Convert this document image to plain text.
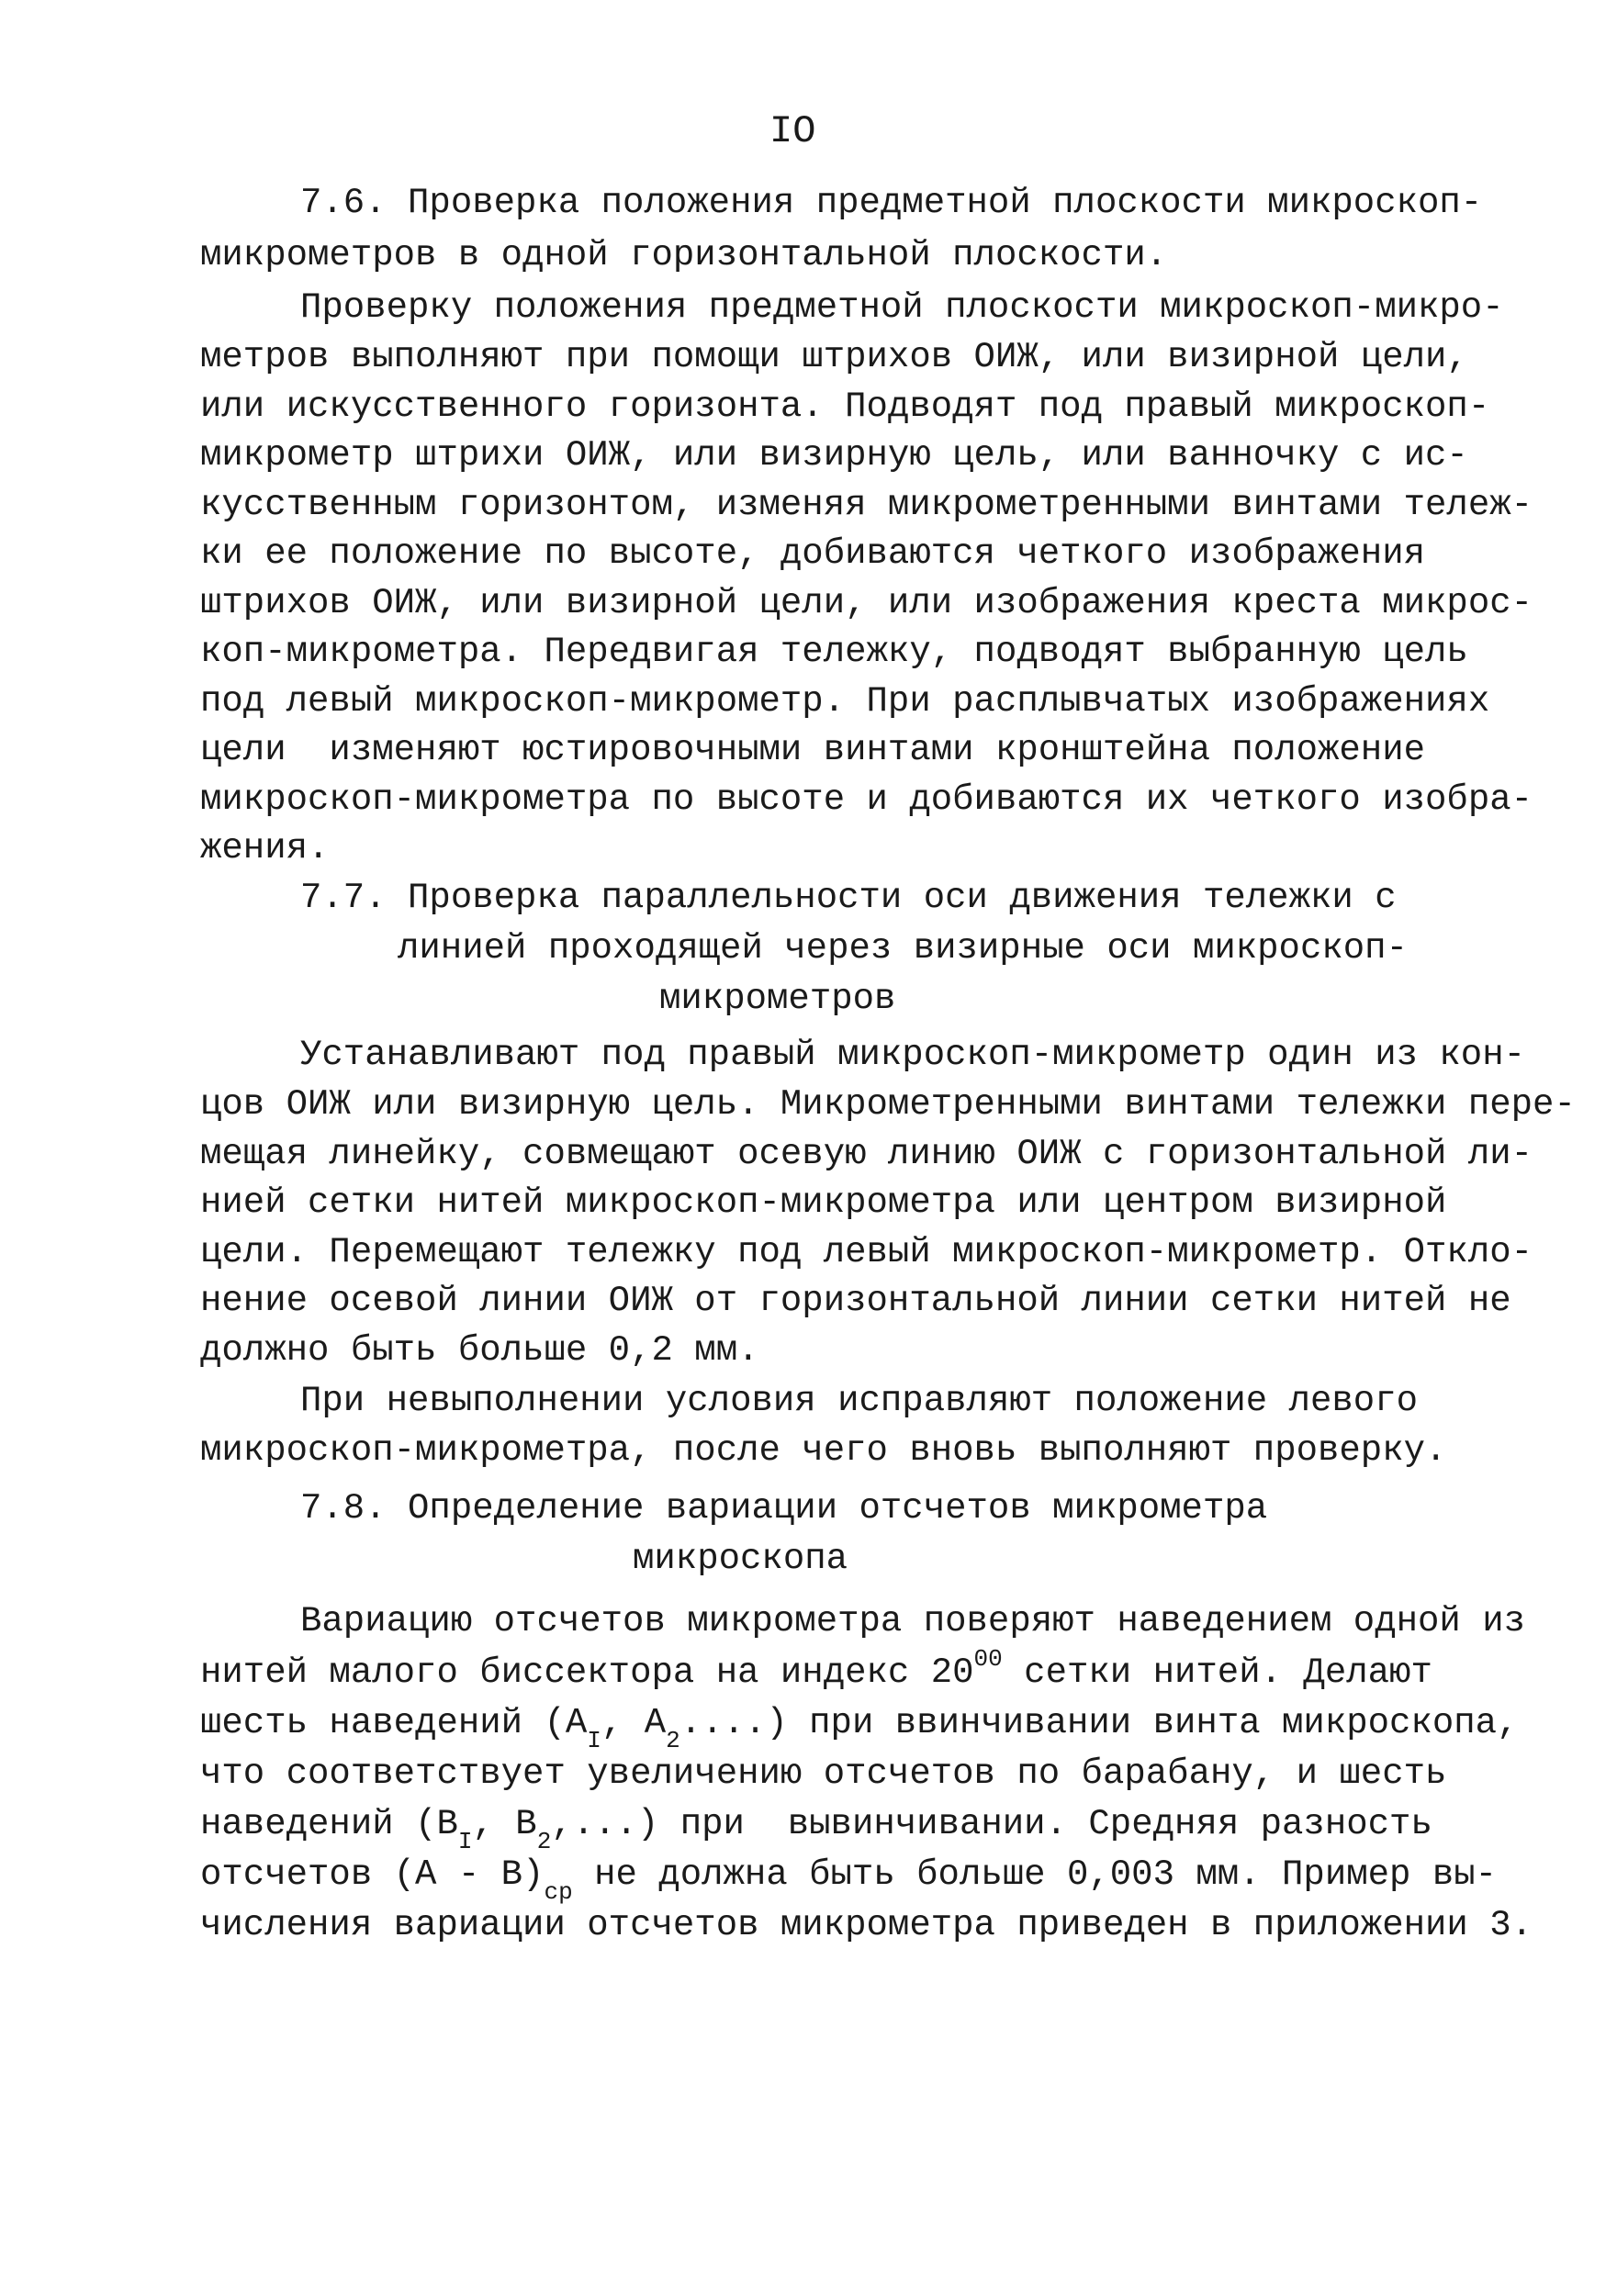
IO
7.6. Проверка положения предметной плоскости микроскоп-
микрометров в одной горизонтальной плоскости.
Проверку положения предметной плоскости микроскоп-микро-
метров выполняют при помощи штрихов ОИЖ, или визирной цели,
или искусственного горизонта. Подводят под правый микроскоп-
микрометр штрихи ОИЖ, или визирную цель, или ванночку с ис-
кусственным горизонтом, изменяя микрометренными винтами тележ-
ки ее положение по высоте, добиваются четкого изображения
штрихов ОИЖ, или визирной цели, или изображения креста микрос-
коп-микрометра. Передвигая тележку, подводят выбранную цель
под левый микроскоп-микрометр. При расплывчатых изображениях
цели  изменяют юстировочными винтами кронштейна положение
микроскоп-микрометра по высоте и добиваются их четкого изобра-
жения.
7.7. Проверка параллельности оси движения тележки с
линией проходящей через визирные оси микроскоп-
микрометров
Устанавливают под правый микроскоп-микрометр один из кон-
цов ОИЖ или визирную цель. Микрометренными винтами тележки пере-
мещая линейку, совмещают осевую линию ОИЖ с горизонтальной ли-
нией сетки нитей микроскоп-микрометра или центром визирной
цели. Перемещают тележку под левый микроскоп-микрометр. Откло-
нение осевой линии ОИЖ от горизонтальной линии сетки нитей не
должно быть больше 0,2 мм.
При невыполнении условия исправляют положение левого
микроскоп-микрометра, после чего вновь выполняют проверку.
7.8. Определение вариации отсчетов микрометра
микроскопа
Вариацию отсчетов микрометра поверяют наведением одной из
нитей малого биссектора на индекс $20^{00}$ сетки нитей. Делают
шесть наведений ($A_I$, $A_2$....) при ввинчивании винта микроскопа,
что соответствует увеличению отсчетов по барабану, и шесть
наведений ($B_I$, $B_2$,...) при  вывинчивании. Средняя разность
отсчетов $(A - B)_{ср}$ не должна быть больше 0,003 мм. Пример вы-
числения вариации отсчетов микрометра приведен в приложении 3.
